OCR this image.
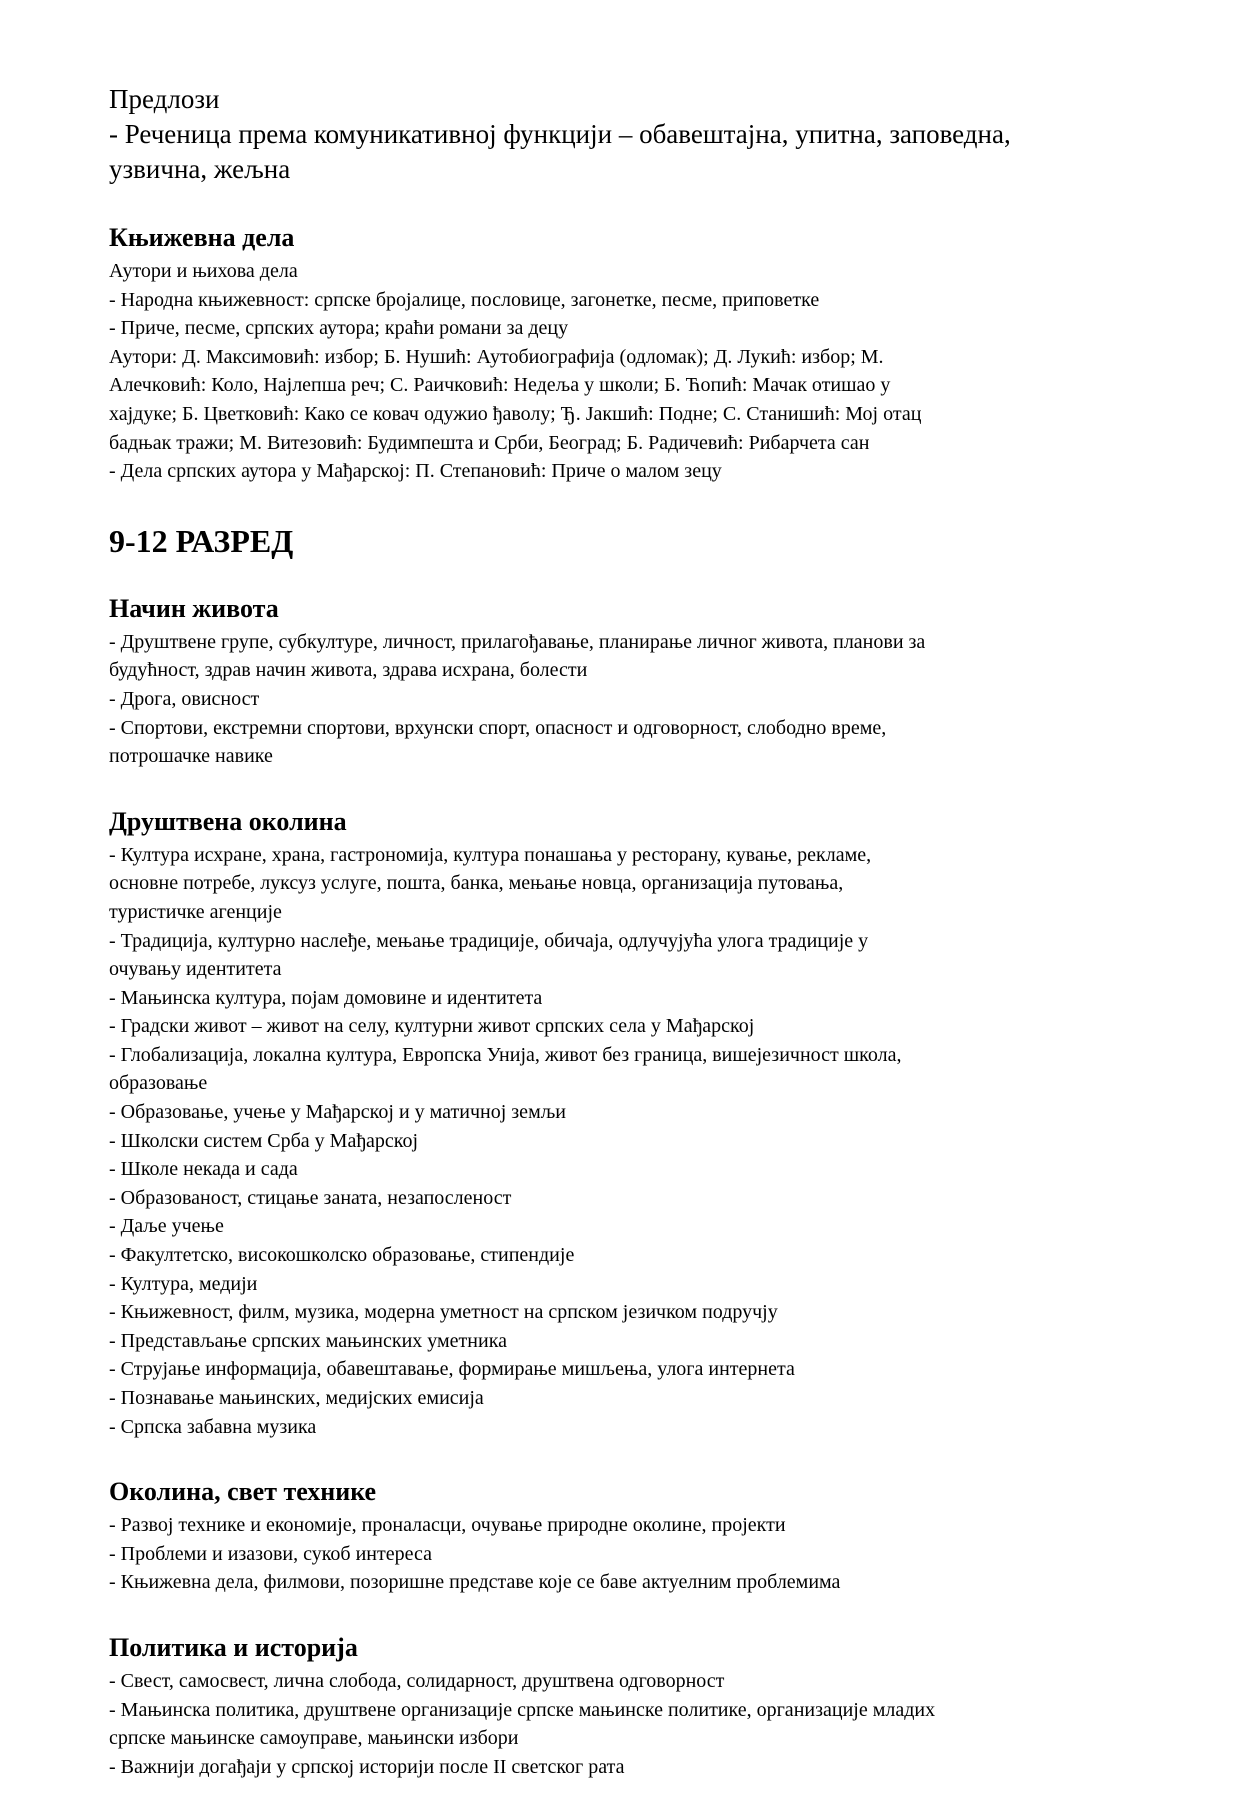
Предлози

- Реченица према комуникативној функцији – обавештајна, упитна, заповедна,

узвична, жељна

Књижевна дела

Аутори и њихова дела

- Народна књижевност: српске бројалице, пословице, загонетке, песме, приповетке

- Приче, песме, српских аутора; краћи романи за децу

Аутори: Д. Максимовић: избор; Б. Нушић: Аутобиографија (одломак); Д. Лукић: избор; М.

Алечковић: Коло, Најлепша реч; С. Раичковић: Недеља у школи; Б. Ћопић: Мачак отишао у

хајдуке; Б. Цветковић: Како се ковач одужио ђаволу; Ђ. Јакшић: Подне; С. Станишић: Мој отац

бадњак тражи; М. Витезовић: Будимпешта и Срби, Београд; Б. Радичевић: Рибарчета сан

- Дела српских аутора у Мађарској: П. Степановић: Приче о малом зецу

9-12 РАЗРЕД
Начин живота

- Друштвене групе, субкултуре, личност, прилагођавање, планирање личног живота, планови за

будућност, здрав начин живота, здрава исхрана, болести

- Дрога, овисност

- Спортови, екстремни спортови, врхунски спорт, опасност и одговорност, слободно време,

потрошачке навике

Друштвена околина

- Култура исхране, храна, гастрономија, култура понашања у ресторану, кување, рекламе,

основне потребе, луксуз услуге, пошта, банка, мењање новца, организација путовања,

туристичке агенције

- Традиција, културно наслеђе, мењање традиције, обичаја, одлучујућа улога традиције у

очувању идентитета

- Мањинска култура, појам домовине и идентитета

- Градски живот – живот на селу, културни живот српских села у Мађарској

- Глобализација, локална култура, Европска Унија, живот без граница, вишејезичност школа,

образовање

- Образовање, учење у Мађарској и у матичној земљи

- Школски систем Срба у Мађарској

- Школе некада и сада

- Образованост, стицање заната, незапосленост

- Даље учење

- Факултетско, високошколско образовање, стипендије

- Култура, медији

- Књижевност, филм, музика, модерна уметност на српском језичком подручју

- Представљање српских мањинских уметника

- Струјање информација, обавештавање, формирање мишљења, улога интернета

- Познавање мањинских, медијских емисија

- Српска забавна музика

Околина, свет технике

- Развој технике и економије, проналасци, очување природне околине, пројекти

- Проблеми и изазови, сукоб интереса

- Књижевна дела, филмови, позоришне представе које се баве актуелним проблемима

Политика и историја

- Свест, самосвест, лична слобода, солидарност, друштвена одговорност

- Мањинска политика, друштвене организације српске мањинске политике, организације младих

српске мањинске самоуправе, мањински избори

- Важнији догађаји у српској историји после II светског рата
